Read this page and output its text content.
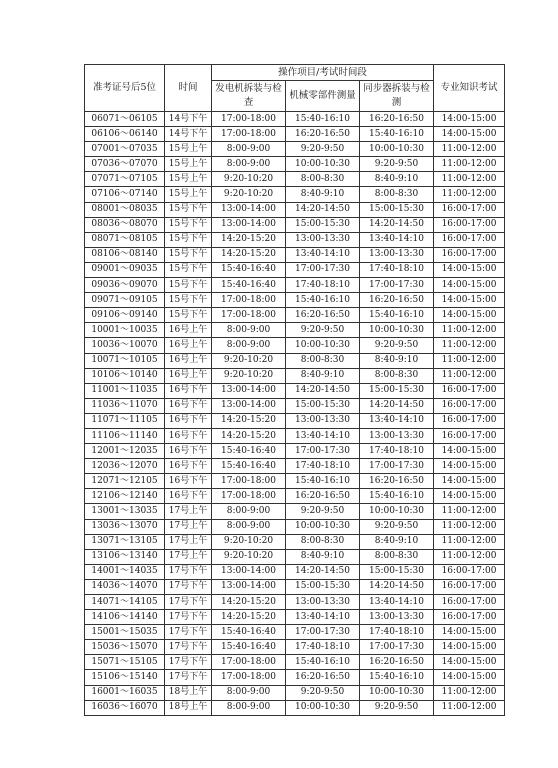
准考证号后5位	时间	操作项目/考试时间段			专业知识考试
		发电机拆装与检查	机械零部件测量	同步器拆装与检测	
06071～06105	14号下午	17:00-18:00	15:40-16:10	16:20-16:50	14:00-15:00
06106～06140	14号下午	17:00-18:00	16:20-16:50	15:40-16:10	14:00-15:00
07001～07035	15号上午	8:00-9:00	9:20-9:50	10:00-10:30	11:00-12:00
07036～07070	15号上午	8:00-9:00	10:00-10:30	9:20-9:50	11:00-12:00
07071～07105	15号上午	9:20-10:20	8:00-8:30	8:40-9:10	11:00-12:00
07106～07140	15号上午	9:20-10:20	8:40-9:10	8:00-8:30	11:00-12:00
08001～08035	15号下午	13:00-14:00	14:20-14:50	15:00-15:30	16:00-17:00
08036～08070	15号下午	13:00-14:00	15:00-15:30	14:20-14:50	16:00-17:00
08071～08105	15号下午	14:20-15:20	13:00-13:30	13:40-14:10	16:00-17:00
08106～08140	15号下午	14:20-15:20	13:40-14:10	13:00-13:30	16:00-17:00
09001～09035	15号下午	15:40-16:40	17:00-17:30	17:40-18:10	14:00-15:00
09036～09070	15号下午	15:40-16:40	17:40-18:10	17:00-17:30	14:00-15:00
09071～09105	15号下午	17:00-18:00	15:40-16:10	16:20-16:50	14:00-15:00
09106～09140	15号下午	17:00-18:00	16:20-16:50	15:40-16:10	14:00-15:00
10001～10035	16号上午	8:00-9:00	9:20-9:50	10:00-10:30	11:00-12:00
10036～10070	16号上午	8:00-9:00	10:00-10:30	9:20-9:50	11:00-12:00
10071～10105	16号上午	9:20-10:20	8:00-8:30	8:40-9:10	11:00-12:00
10106～10140	16号上午	9:20-10:20	8:40-9:10	8:00-8:30	11:00-12:00
11001～11035	16号下午	13:00-14:00	14:20-14:50	15:00-15:30	16:00-17:00
11036～11070	16号下午	13:00-14:00	15:00-15:30	14:20-14:50	16:00-17:00
11071～11105	16号下午	14:20-15:20	13:00-13:30	13:40-14:10	16:00-17:00
11106～11140	16号下午	14:20-15:20	13:40-14:10	13:00-13:30	16:00-17:00
12001～12035	16号下午	15:40-16:40	17:00-17:30	17:40-18:10	14:00-15:00
12036～12070	16号下午	15:40-16:40	17:40-18:10	17:00-17:30	14:00-15:00
12071～12105	16号下午	17:00-18:00	15:40-16:10	16:20-16:50	14:00-15:00
12106～12140	16号下午	17:00-18:00	16:20-16:50	15:40-16:10	14:00-15:00
13001～13035	17号上午	8:00-9:00	9:20-9:50	10:00-10:30	11:00-12:00
13036～13070	17号上午	8:00-9:00	10:00-10:30	9:20-9:50	11:00-12:00
13071～13105	17号上午	9:20-10:20	8:00-8:30	8:40-9:10	11:00-12:00
13106～13140	17号上午	9:20-10:20	8:40-9:10	8:00-8:30	11:00-12:00
14001～14035	17号下午	13:00-14:00	14:20-14:50	15:00-15:30	16:00-17:00
14036～14070	17号下午	13:00-14:00	15:00-15:30	14:20-14:50	16:00-17:00
14071～14105	17号下午	14:20-15:20	13:00-13:30	13:40-14:10	16:00-17:00
14106～14140	17号下午	14:20-15:20	13:40-14:10	13:00-13:30	16:00-17:00
15001～15035	17号下午	15:40-16:40	17:00-17:30	17:40-18:10	14:00-15:00
15036～15070	17号下午	15:40-16:40	17:40-18:10	17:00-17:30	14:00-15:00
15071～15105	17号下午	17:00-18:00	15:40-16:10	16:20-16:50	14:00-15:00
15106～15140	17号下午	17:00-18:00	16:20-16:50	15:40-16:10	14:00-15:00
16001～16035	18号上午	8:00-9:00	9:20-9:50	10:00-10:30	11:00-12:00
16036～16070	18号上午	8:00-9:00	10:00-10:30	9:20-9:50	11:00-12:00
